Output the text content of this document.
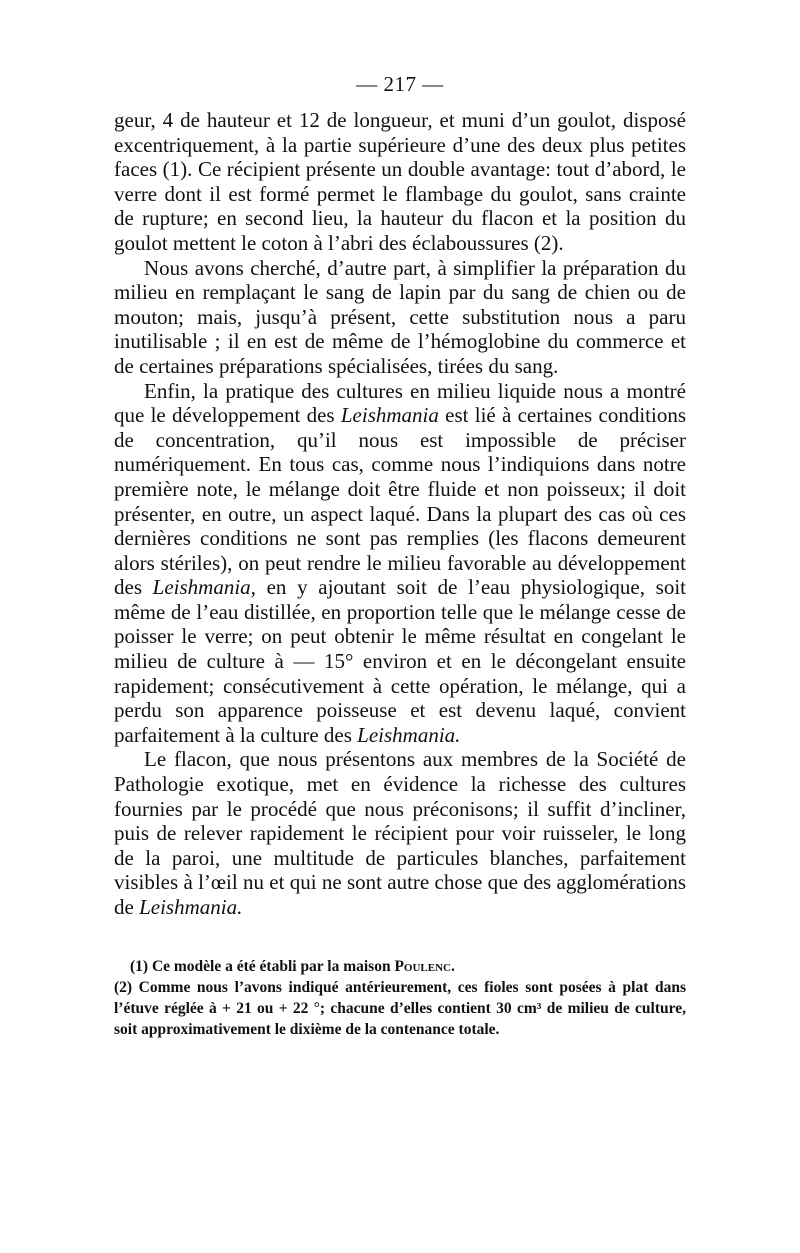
— 217 —

geur, 4 de hauteur et 12 de longueur, et muni d’un goulot, disposé excentriquement, à la partie supérieure d’une des deux plus petites faces (1). Ce récipient présente un double avantage: tout d’abord, le verre dont il est formé permet le flambage du goulot, sans crainte de rupture; en second lieu, la hauteur du flacon et la position du goulot mettent le coton à l’abri des éclaboussures (2).

Nous avons cherché, d’autre part, à simplifier la préparation du milieu en remplaçant le sang de lapin par du sang de chien ou de mouton; mais, jusqu’à présent, cette substitution nous a paru inutilisable ; il en est de même de l’hémoglobine du commerce et de certaines préparations spécialisées, tirées du sang.

Enfin, la pratique des cultures en milieu liquide nous a montré que le développement des Leishmania est lié à certaines conditions de concentration, qu’il nous est impossible de préciser numériquement. En tous cas, comme nous l’indiquions dans notre première note, le mélange doit être fluide et non poisseux; il doit présenter, en outre, un aspect laqué. Dans la plupart des cas où ces dernières conditions ne sont pas remplies (les flacons demeurent alors stériles), on peut rendre le milieu favorable au développement des Leishmania, en y ajoutant soit de l’eau physiologique, soit même de l’eau distillée, en proportion telle que le mélange cesse de poisser le verre; on peut obtenir le même résultat en congelant le milieu de culture à — 15° environ et en le décongelant ensuite rapidement; consécutivement à cette opération, le mélange, qui a perdu son apparence poisseuse et est devenu laqué, convient parfaitement à la culture des Leishmania.

Le flacon, que nous présentons aux membres de la Société de Pathologie exotique, met en évidence la richesse des cultures fournies par le procédé que nous préconisons; il suffit d’incliner, puis de relever rapidement le récipient pour voir ruisseler, le long de la paroi, une multitude de particules blanches, parfaitement visibles à l’œil nu et qui ne sont autre chose que des agglomérations de Leishmania.

(1) Ce modèle a été établi par la maison Poulenc.

(2) Comme nous l’avons indiqué antérieurement, ces fioles sont posées à plat dans l’étuve réglée à + 21 ou + 22 °; chacune d’elles contient 30 cm³ de milieu de culture, soit approximativement le dixième de la contenance totale.
